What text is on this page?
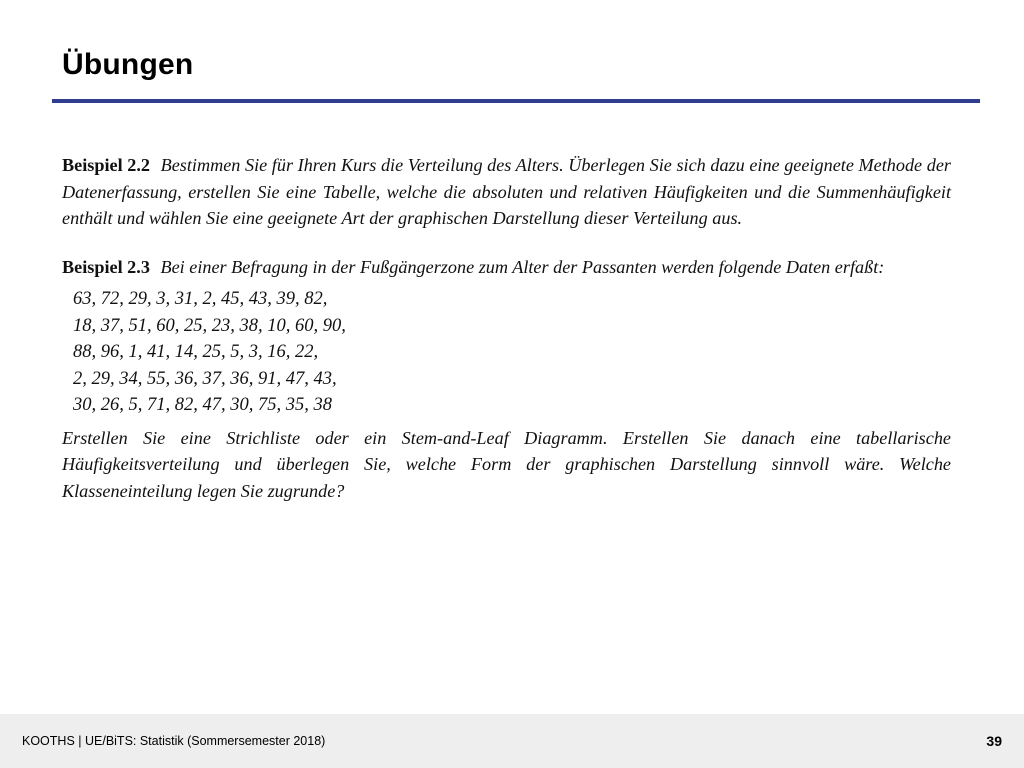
Übungen

Beispiel 2.2 Bestimmen Sie für Ihren Kurs die Verteilung des Alters. Überlegen Sie sich dazu eine geeignete Methode der Datenerfassung, erstellen Sie eine Tabelle, welche die absoluten und relativen Häufigkeiten und die Summenhäufigkeit enthält und wählen Sie eine geeignete Art der graphischen Darstellung dieser Verteilung aus.

Beispiel 2.3 Bei einer Befragung in der Fußgängerzone zum Alter der Passanten werden folgende Daten erfaßt:

63, 72, 29, 3, 31, 2, 45, 43, 39, 82,
18, 37, 51, 60, 25, 23, 38, 10, 60, 90,
88, 96, 1, 41, 14, 25, 5, 3, 16, 22,
2, 29, 34, 55, 36, 37, 36, 91, 47, 43,
30, 26, 5, 71, 82, 47, 30, 75, 35, 38

Erstellen Sie eine Strichliste oder ein Stem-and-Leaf Diagramm. Erstellen Sie danach eine tabellarische Häufigkeitsverteilung und überlegen Sie, welche Form der graphischen Darstellung sinnvoll wäre. Welche Klasseneinteilung legen Sie zugrunde?

KOOTHS | UE/BiTS: Statistik (Sommersemester 2018)	39
